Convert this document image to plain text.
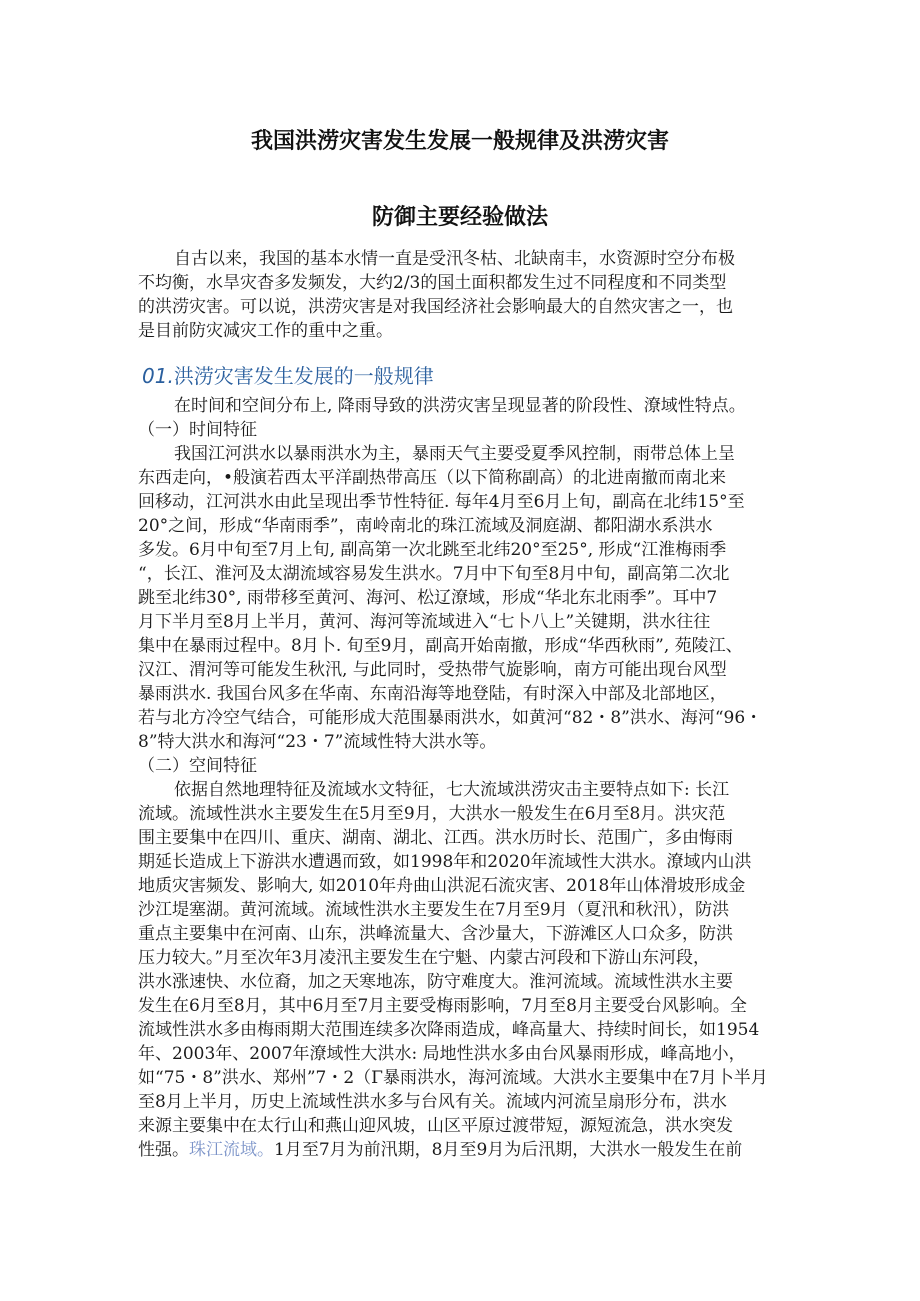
我国洪涝灾害发生发展一般规律及洪涝灾害
防御主要经验做法
自古以来，我国的基本水情一直是受汛冬枯、北缺南丰，水资源时空分布极
不均衡，水旱灾杳多发频发，大约2/3的国土面积都发生过不同程度和不同类型
的洪涝灾害。可以说，洪涝灾害是对我国经济社会影响最大的自然灾害之一，也
是目前防灾减灾工作的重中之重。
01.洪涝灾害发生发展的一般规律
在时间和空间分布上, 降雨导致的洪涝灾害呈现显著的阶段性、潦域性特点。
（一）时间特征
我国江河洪水以暴雨洪水为主，暴雨天气主要受夏季风控制，雨带总体上呈
东西走向，•般演若西太平洋副热带高压（以下简称副高）的北进南撤而南北来
回移动，江河洪水由此呈现出季节性特征. 每年4月至6月上旬，副高在北纬15°至
20°之间，形成“华南雨季”，南岭南北的珠江流域及洞庭湖、都阳湖水系洪水
多发。6月中旬至7月上旬, 副高第一次北跳至北纬20°至25°, 形成“江淮梅雨季
“，长江、淮河及太湖流域容易发生洪水。7月中下旬至8月中旬，副高第二次北
跳至北纬30°, 雨带移至黄河、海河、松辽潦域，形成“华北东北雨季”。耳中7
月下半月至8月上半月，黄河、海河等流域进入“七卜八上”关键期，洪水往往
集中在暴雨过程中。8月卜. 旬至9月，副高开始南撤，形成“华西秋雨”, 苑陵江、
汉江、渭河等可能发生秋汛, 与此同时，受热带气旋影响，南方可能出现台风型
暴雨洪水. 我国台风多在华南、东南沿海等地登陆，有时深入中部及北部地区，
若与北方冷空气结合，可能形成大范围暴雨洪水，如黄河“82・8”洪水、海河“96・
8”特大洪水和海河“23・7”流域性特大洪水等。
（二）空间特征
依据自然地理特征及流域水文特征，七大流域洪涝灾击主要特点如下: 长江
流域。流域性洪水主要发生在5月至9月，大洪水一般发生在6月至8月。洪灾范
围主要集中在四川、重庆、湖南、湖北、江西。洪水历时长、范围广，多由悔雨
期延长造成上下游洪水遭遇而致，如1998年和2020年流域性大洪水。潦域内山洪
地质灾害频发、影响大, 如2010年舟曲山洪泥石流灾害、2018年山体滑坡形成金
沙江堤塞湖。黄河流域。流域性洪水主要发生在7月至9月（夏汛和秋汛），防洪
重点主要集中在河南、山东，洪峰流量大、含沙量大，下游滩区人口众多，防洪
压力较大。”月至次年3月凌汛主要发生在宁魁、内蒙古河段和下游山东河段，
洪水涨速快、水位裔，加之天寒地冻，防守难度大。淮河流域。流域性洪水主要
发生在6月至8月，其中6月至7月主要受梅雨影响，7月至8月主要受台风影响。全
流域性洪水多由梅雨期大范围连续多次降雨造成，峰高量大、持续时间长，如1954
年、2003年、2007年潦域性大洪水: 局地性洪水多由台风暴雨形成，峰高地小，
如“75・8”洪水、郑州”7・2（Γ暴雨洪水，海河流域。大洪水主要集中在7月卜半月
至8月上半月，历史上流域性洪水多与台风有关。流域内河流呈扇形分布，洪水
来源主要集中在太行山和燕山迎风坡，山区平原过渡带短，源短流急，洪水突发
性强。珠江流域。1月至7月为前汛期，8月至9月为后汛期，大洪水一般发生在前
